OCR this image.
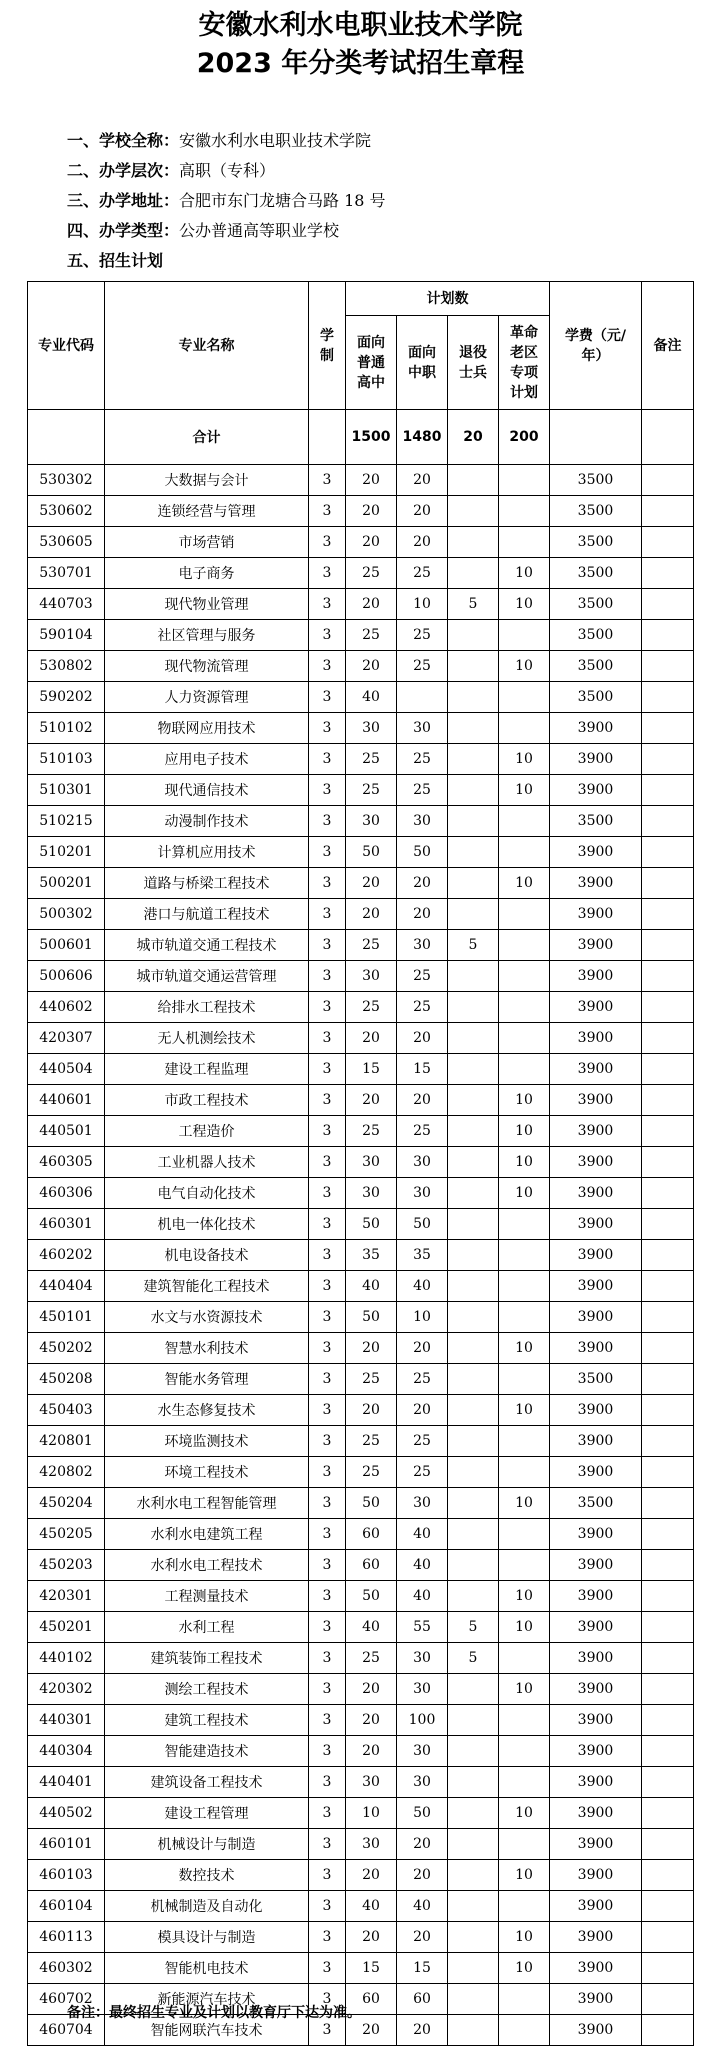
安徽水利水电职业技术学院
2023 年分类考试招生章程
一、学校全称：安徽水利水电职业技术学院
二、办学层次：高职（专科）
三、办学地址：合肥市东门龙塘合马路 18 号
四、办学类型：公办普通高等职业学校
五、招生计划
专业代码	专业名称	学制	计划数				学费（元/年）	备注
			面向普通高中	面向中职	退役士兵	革命老区专项计划		
	合计		1500	1480	20	200		
530302	大数据与会计	3	20	20			3500	
530602	连锁经营与管理	3	20	20			3500	
530605	市场营销	3	20	20			3500	
530701	电子商务	3	25	25		10	3500	
440703	现代物业管理	3	20	10	5	10	3500	
590104	社区管理与服务	3	25	25			3500	
530802	现代物流管理	3	20	25		10	3500	
590202	人力资源管理	3	40				3500	
510102	物联网应用技术	3	30	30			3900	
510103	应用电子技术	3	25	25		10	3900	
510301	现代通信技术	3	25	25		10	3900	
510215	动漫制作技术	3	30	30			3500	
510201	计算机应用技术	3	50	50			3900	
500201	道路与桥梁工程技术	3	20	20		10	3900	
500302	港口与航道工程技术	3	20	20			3900	
500601	城市轨道交通工程技术	3	25	30	5		3900	
500606	城市轨道交通运营管理	3	30	25			3900	
440602	给排水工程技术	3	25	25			3900	
420307	无人机测绘技术	3	20	20			3900	
440504	建设工程监理	3	15	15			3900	
440601	市政工程技术	3	20	20		10	3900	
440501	工程造价	3	25	25		10	3900	
460305	工业机器人技术	3	30	30		10	3900	
460306	电气自动化技术	3	30	30		10	3900	
460301	机电一体化技术	3	50	50			3900	
460202	机电设备技术	3	35	35			3900	
440404	建筑智能化工程技术	3	40	40			3900	
450101	水文与水资源技术	3	50	10			3900	
450202	智慧水利技术	3	20	20		10	3900	
450208	智能水务管理	3	25	25			3500	
450403	水生态修复技术	3	20	20		10	3900	
420801	环境监测技术	3	25	25			3900	
420802	环境工程技术	3	25	25			3900	
450204	水利水电工程智能管理	3	50	30		10	3500	
450205	水利水电建筑工程	3	60	40			3900	
450203	水利水电工程技术	3	60	40			3900	
420301	工程测量技术	3	50	40		10	3900	
450201	水利工程	3	40	55	5	10	3900	
440102	建筑装饰工程技术	3	25	30	5		3900	
420302	测绘工程技术	3	20	30		10	3900	
440301	建筑工程技术	3	20	100			3900	
440304	智能建造技术	3	20	30			3900	
440401	建筑设备工程技术	3	30	30			3900	
440502	建设工程管理	3	10	50		10	3900	
460101	机械设计与制造	3	30	20			3900	
460103	数控技术	3	20	20		10	3900	
460104	机械制造及自动化	3	40	40			3900	
460113	模具设计与制造	3	20	20		10	3900	
460302	智能机电技术	3	15	15		10	3900	
460702	新能源汽车技术	3	60	60			3900	
460704	智能网联汽车技术	3	20	20			3900	
备注：最终招生专业及计划以教育厅下达为准。
